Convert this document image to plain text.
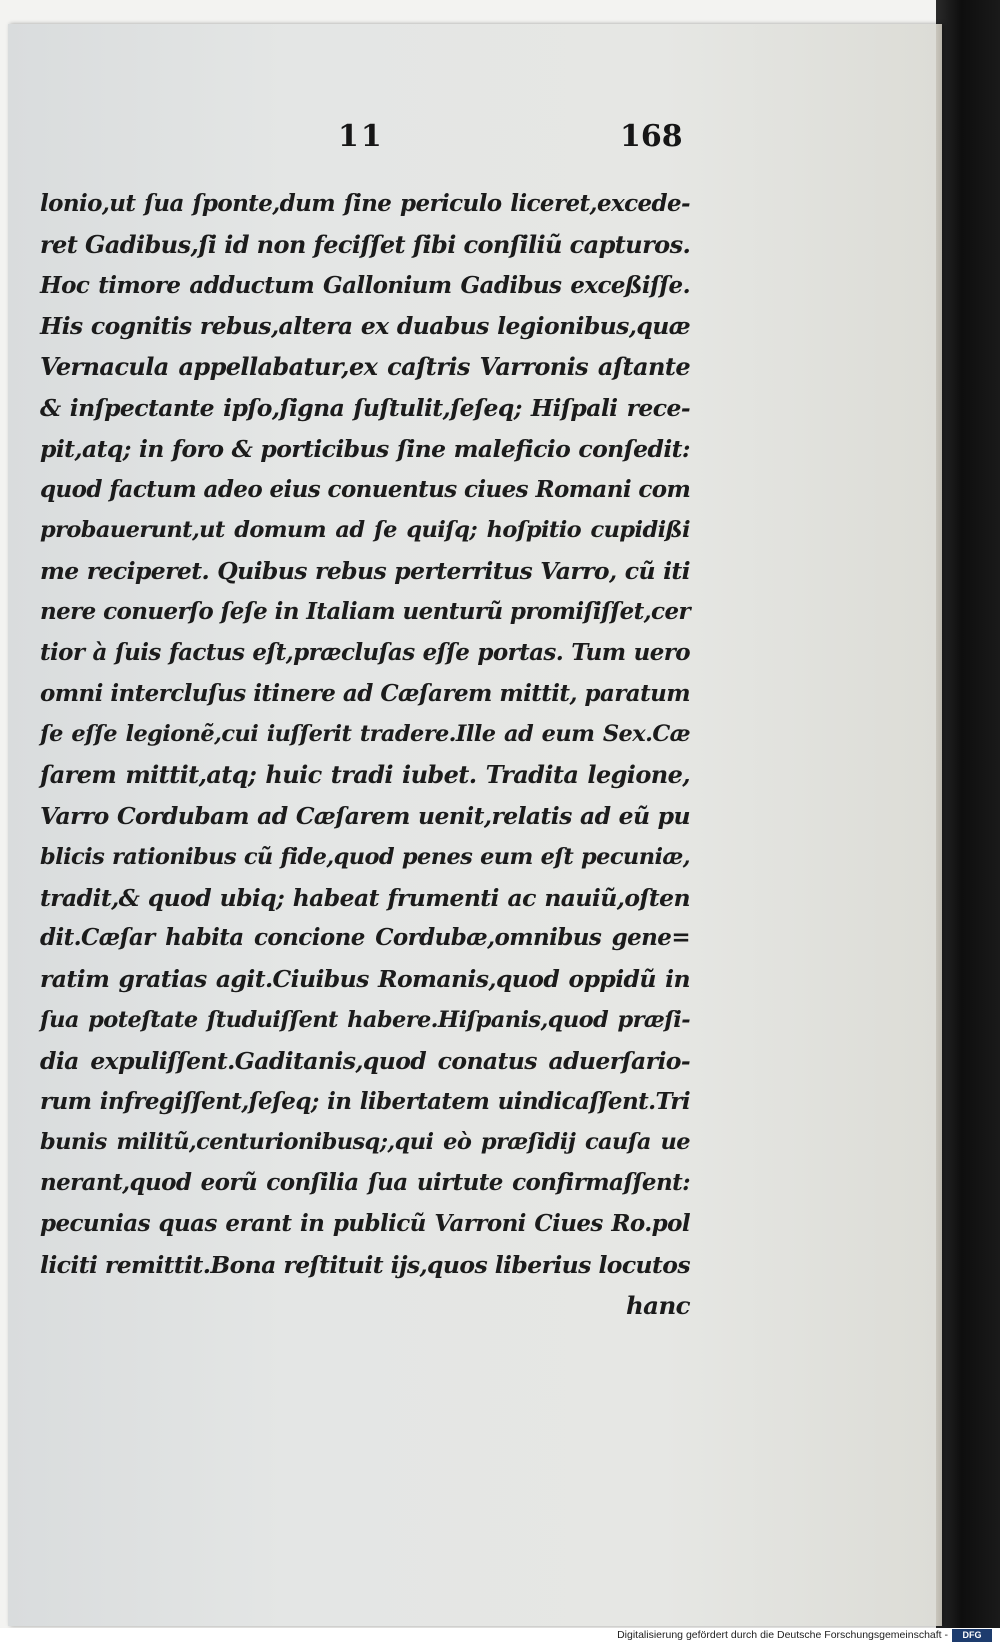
11	168
lonio,ut ſua ſponte,dum ſine periculo liceret,excede‑
ret Gadibus,ſi id non feciſſet ſibi conſiliũ capturos.
Hoc timore adductum Gallonium Gadibus exceßiſſe.
His cognitis rebus,altera ex duabus legionibus,quæ
Vernacula appellabatur,ex caſtris Varronis aſtante
& inſpectante ipſo,ſigna ſuſtulit,ſeſeq; Hiſpali rece‑
pit,atq; in foro & porticibus ſine maleficio conſedit:
quod factum adeo eius conuentus ciues Romani com
probauerunt,ut domum ad ſe quiſq; hoſpitio cupidißi
me reciperet. Quibus rebus perterritus Varro, cũ iti
nere conuerſo ſeſe in Italiam uenturũ promiſiſſet,cer
tior à ſuis factus eſt,præcluſas eſſe portas. Tum uero
omni intercluſus itinere ad Cæſarem mittit, paratum
ſe eſſe legionẽ,cui iuſſerit tradere.Ille ad eum Sex.Cæ
ſarem mittit,atq; huic tradi iubet. Tradita legione,
Varro Cordubam ad Cæſarem uenit,relatis ad eũ pu
blicis rationibus cũ fide,quod penes eum eſt pecuniæ,
tradit,& quod ubiq; habeat frumenti ac nauiũ,oſten
dit.Cæſar habita concione Cordubæ,omnibus gene=
ratim gratias agit.Ciuibus Romanis,quod oppidũ in
ſua poteſtate ſtuduiſſent habere.Hiſpanis,quod præſi‑
dia expuliſſent.Gaditanis,quod conatus aduerſario‑
rum infregiſſent,ſeſeq; in libertatem uindicaſſent.Tri
bunis militũ,centurionibusq;,qui eò præſidij cauſa ue
nerant,quod eorũ conſilia ſua uirtute confirmaſſent:
pecunias quas erant in publicũ Varroni Ciues Ro.pol
liciti remittit.Bona reſtituit ijs,quos liberius locutos
hanc
Digitalisierung gefördert durch die Deutsche Forschungsgemeinschaft -	DFG
